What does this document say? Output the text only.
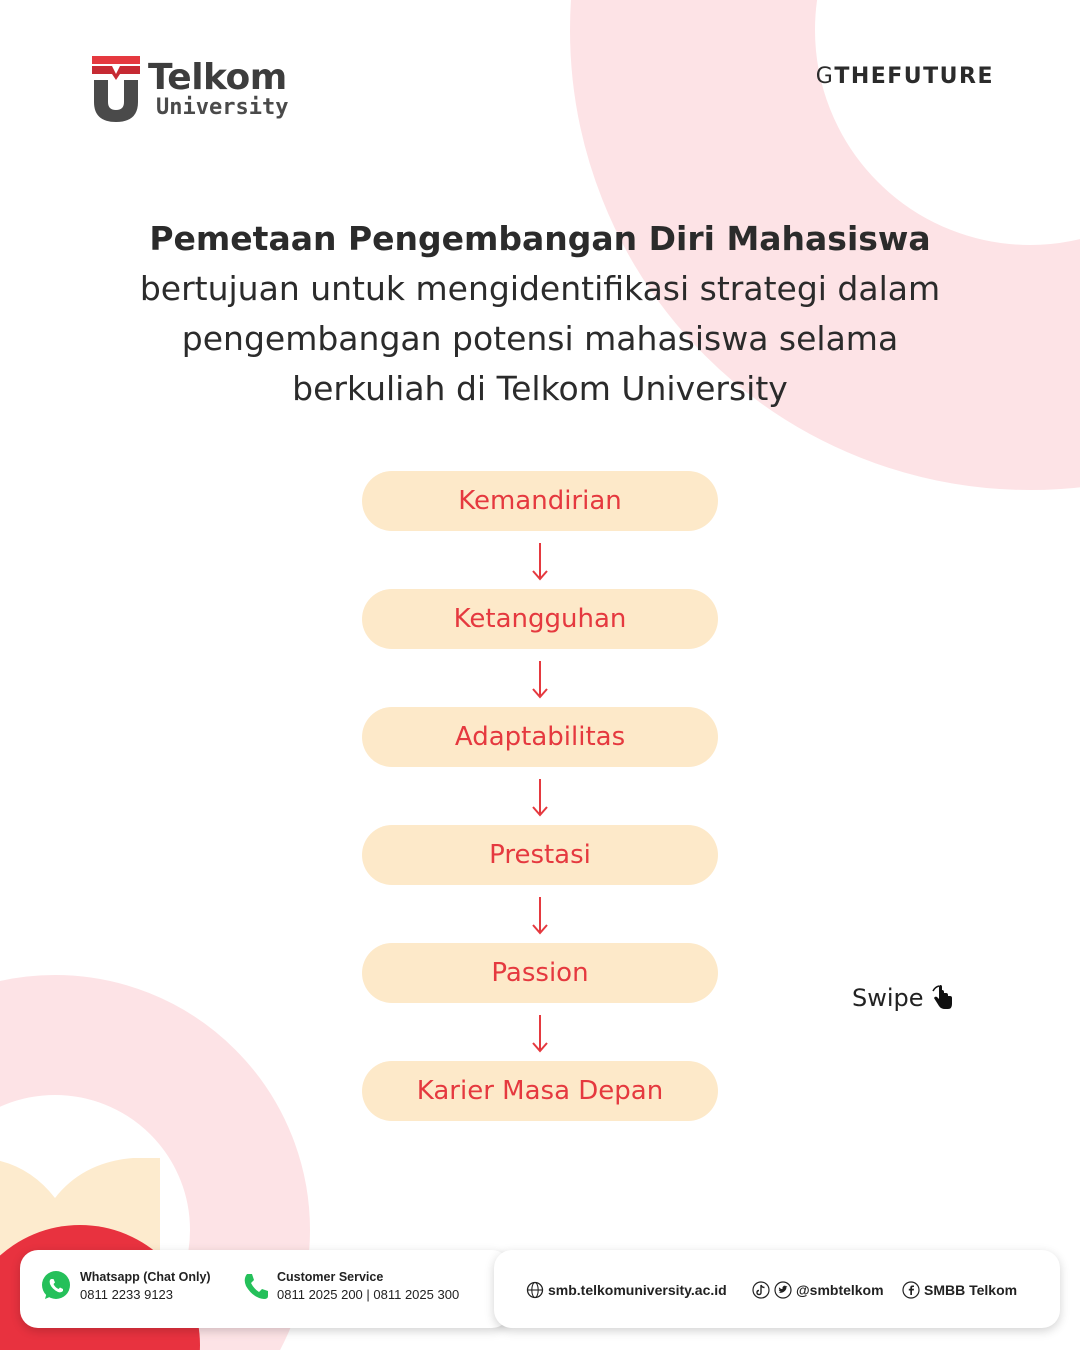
Telkom
University
GTHEFUTURE
Pemetaan Pengembangan Diri Mahasiswa
bertujuan untuk mengidentifikasi strategi dalam
pengembangan potensi mahasiswa selama
berkuliah di Telkom University
Kemandirian
Ketangguhan
Adaptabilitas
Prestasi
Passion
Karier Masa Depan
Swipe
Whatsapp (Chat Only)
0811 2233 9123
Customer Service
0811 2025 200 | 0811 2025 300	smb.telkomuniversity.ac.id	@smbtelkom	SMBB Telkom
